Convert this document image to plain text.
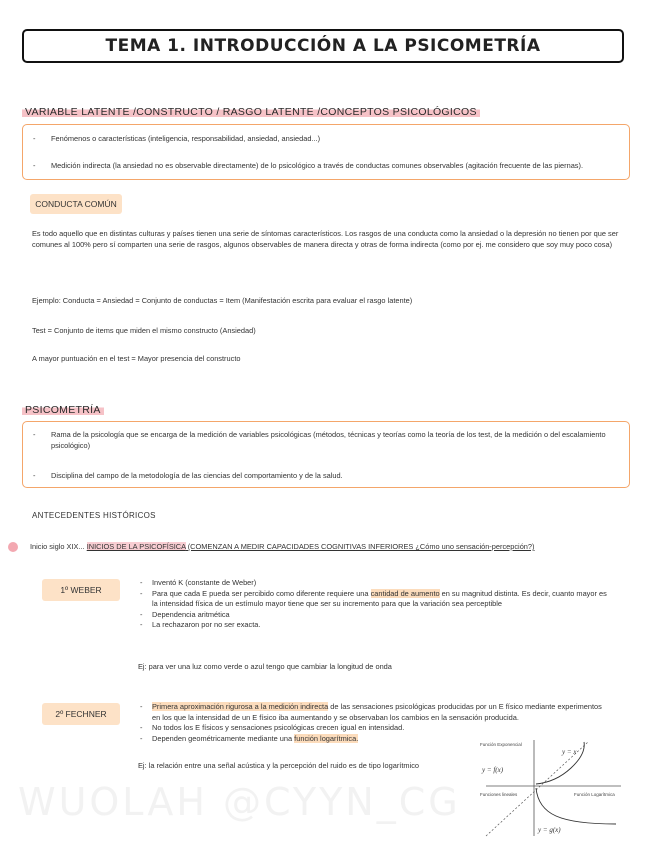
WUOLAH @CYYN_CG
TEMA 1. INTRODUCCIÓN A LA PSICOMETRÍA
VARIABLE LATENTE /CONSTRUCTO / RASGO LATENTE /CONCEPTOS PSICOLÓGICOS
- Fenómenos o características (inteligencia, responsabilidad, ansiedad, ansiedad...)
- Medición indirecta (la ansiedad no es observable directamente) de lo psicológico a través de conductas comunes observables (agitación frecuente de las piernas).
CONDUCTA COMÚN
Es todo aquello que en distintas culturas y países tienen una serie de síntomas característicos. Los rasgos de una conducta como la ansiedad o la depresión no tienen por que ser comunes al 100% pero sí comparten una serie de rasgos, algunos observables de manera directa y otras de forma indirecta (como por ej. me considero que soy muy poco cosa)
Ejemplo: Conducta = Ansiedad = Conjunto de conductas = Item (Manifestación escrita para evaluar el rasgo latente)
Test = Conjunto de items que miden el mismo constructo (Ansiedad)
A mayor puntuación en el test = Mayor presencia del constructo
PSICOMETRÍA
- Rama de la psicología que se encarga de la medición de variables psicológicas (métodos, técnicas y teorías como la teoría de los test, de la medición o del escalamiento psicológico)
- Disciplina del campo de la metodología de las ciencias del comportamiento y de la salud.
ANTECEDENTES HISTÓRICOS
Inicio siglo XIX... INICIOS DE LA PSICOFÍSICA (COMENZAN A MEDIR CAPACIDADES COGNITIVAS INFERIORES ¿Cómo uno sensación-percepción?)
1º WEBER
- Inventó K (constante de Weber)
- Para que cada E pueda ser percibido como diferente requiere una cantidad de aumento en su magnitud distinta. Es decir, cuanto mayor es la intensidad física de un estímulo mayor tiene que ser su incremento para que la variación sea perceptible
- Dependencia aritmética
- La rechazaron por no ser exacta.
Ej: para ver una luz como verde o azul tengo que cambiar la longitud de onda
2º FECHNER
- Primera aproximación rigurosa a la medición indirecta de las sensaciones psicológicas producidas por un E físico mediante experimentos en los que la intensidad de un E físico iba aumentando y se observaban los cambios en la sensación producida.
- No todos los E físicos y sensaciones psicológicas crecen igual en intensidad.
- Dependen geométricamente mediante una función logarítmica.
Ej: la relación entre una señal acústica y la percepción del ruido es de tipo logarítmico
Función Exponencial
y = f(x)
y = x
Funciones lineales	Función Logarítmica
y = g(x)
